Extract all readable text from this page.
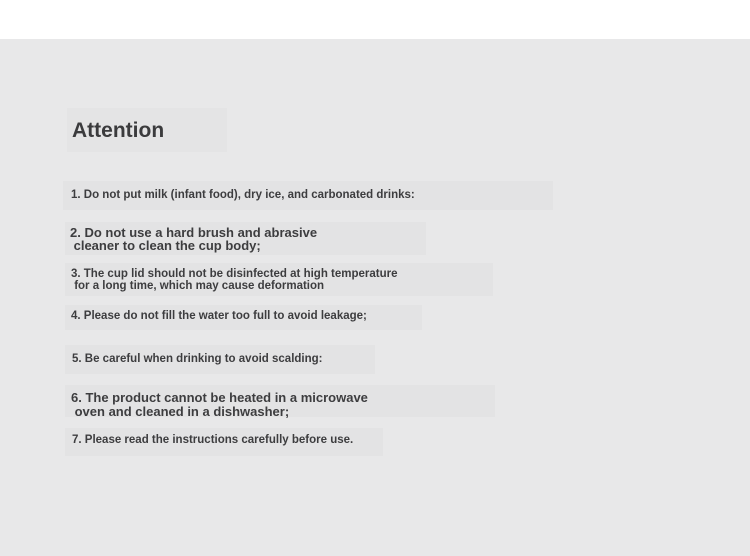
Attention

1. Do not put milk (infant food), dry ice, and carbonated drinks:

2. Do not use a hard brush and abrasive
cleaner to clean the cup body;

3. The cup lid should not be disinfected at high temperature
for a long time, which may cause deformation

4. Please do not fill the water too full to avoid leakage;

5. Be careful when drinking to avoid scalding:

6. The product cannot be heated in a microwave
oven and cleaned in a dishwasher;

7. Please read the instructions carefully before use.
